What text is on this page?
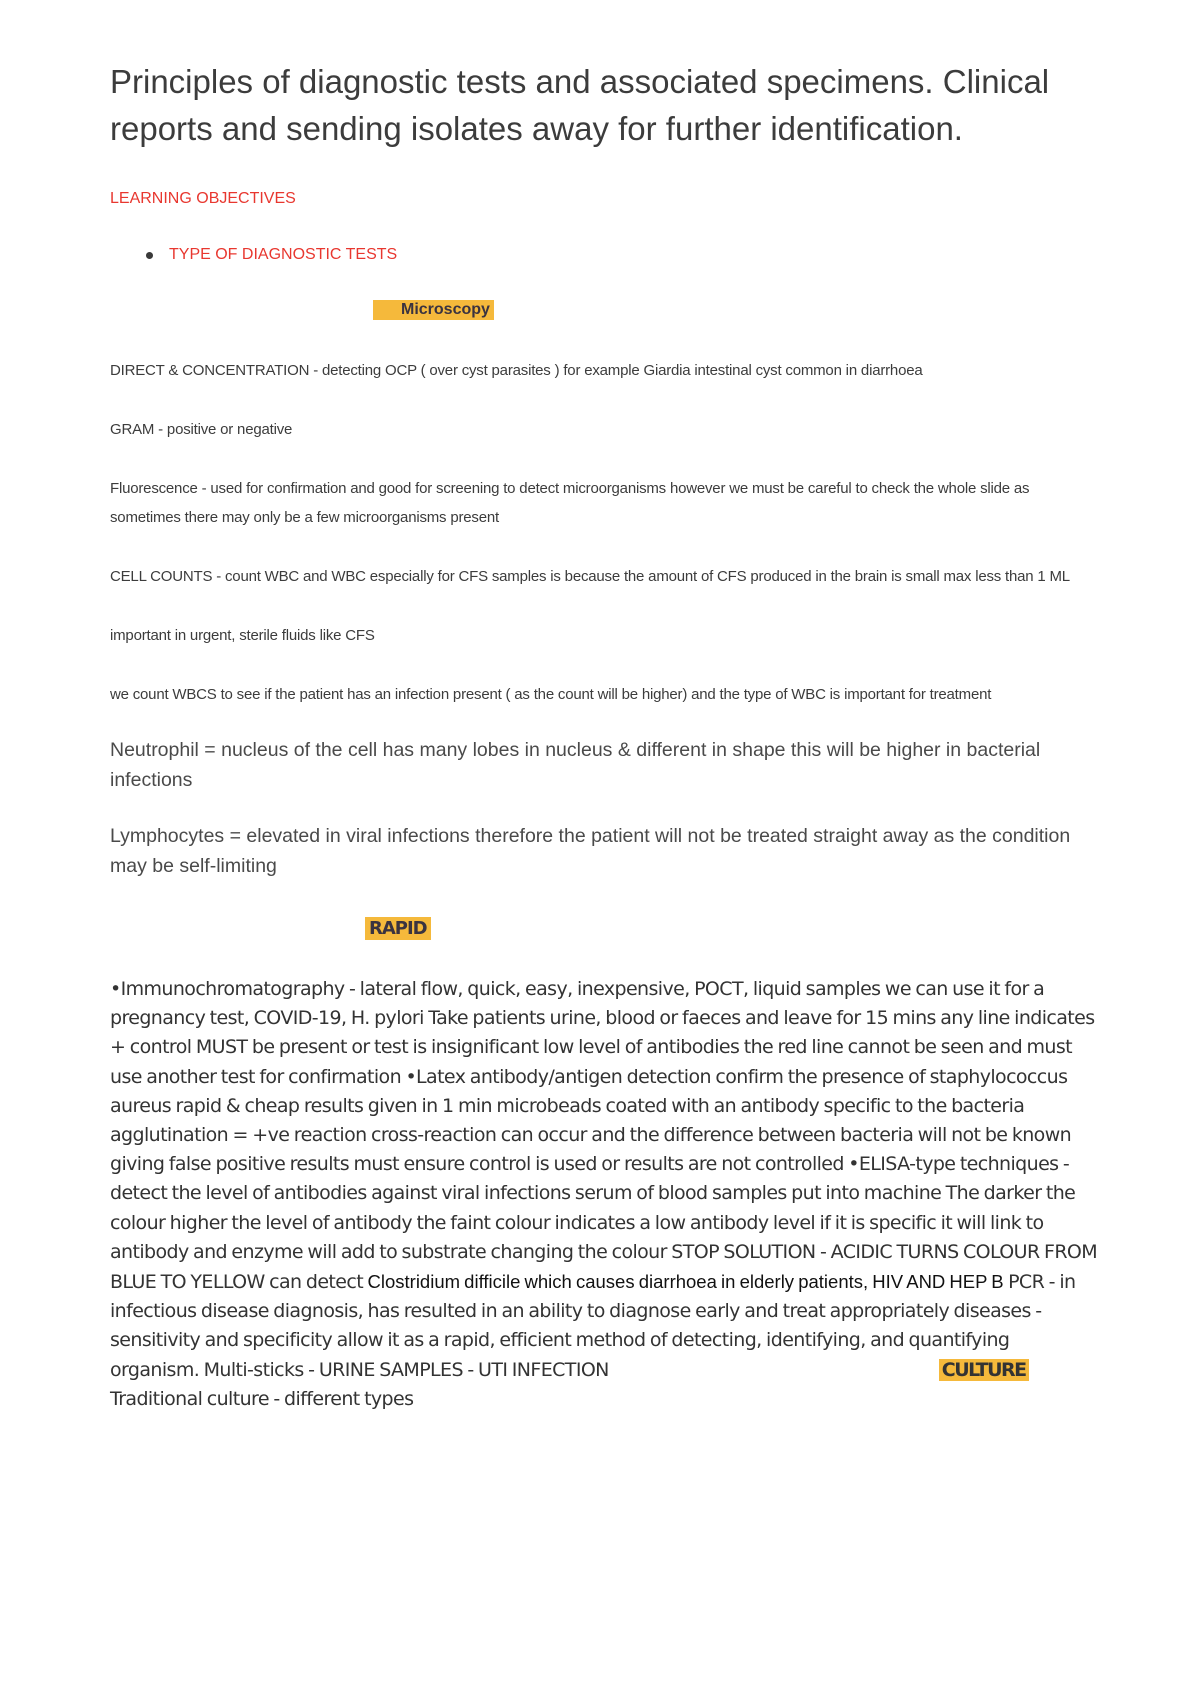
Principles of diagnostic tests and associated specimens. Clinical reports and sending isolates away for further identification.
LEARNING OBJECTIVES
TYPE OF DIAGNOSTIC TESTS
Microscopy
DIRECT & CONCENTRATION - detecting OCP ( over cyst parasites ) for example Giardia intestinal cyst common in diarrhoea
GRAM - positive or negative
Fluorescence - used for confirmation and good for screening to detect microorganisms however we must be careful to check the whole slide as sometimes there may only be a few microorganisms present
CELL COUNTS - count WBC and WBC especially for CFS samples is because the amount of CFS produced in the brain is small max less than 1 ML
important in urgent, sterile fluids like CFS
we count WBCS to see if the patient has an infection present ( as the count will be higher) and the type of WBC is important for treatment
Neutrophil = nucleus of the cell has many lobes in nucleus & different in shape this will be higher in bacterial infections
Lymphocytes = elevated in viral infections therefore the patient will not be treated straight away as the condition may be self-limiting
RAPID
•Immunochromatography - lateral flow, quick, easy, inexpensive, POCT, liquid samples we can use it for a pregnancy test, COVID-19, H. pylori Take patients urine, blood or faeces and leave for 15 mins any line indicates + control MUST be present or test is insignificant low level of antibodies the red line cannot be seen and must use another test for confirmation •Latex antibody/antigen detection confirm the presence of staphylococcus aureus rapid & cheap results given in 1 min microbeads coated with an antibody specific to the bacteria agglutination = +ve reaction cross-reaction can occur and the difference between bacteria will not be known giving false positive results must ensure control is used or results are not controlled •ELISA-type techniques - detect the level of antibodies against viral infections serum of blood samples put into machine The darker the colour higher the level of antibody the faint colour indicates a low antibody level if it is specific it will link to antibody and enzyme will add to substrate changing the colour STOP SOLUTION - ACIDIC TURNS COLOUR FROM BLUE TO YELLOW can detect Clostridium difficile which causes diarrhoea in elderly patients, HIV AND HEP B PCR - in infectious disease diagnosis, has resulted in an ability to diagnose early and treat appropriately diseases - sensitivity and specificity allow it as a rapid, efficient method of detecting, identifying, and quantifying organism. Multi-sticks - URINE SAMPLES - UTI INFECTION	CULTURE Traditional culture - different types
